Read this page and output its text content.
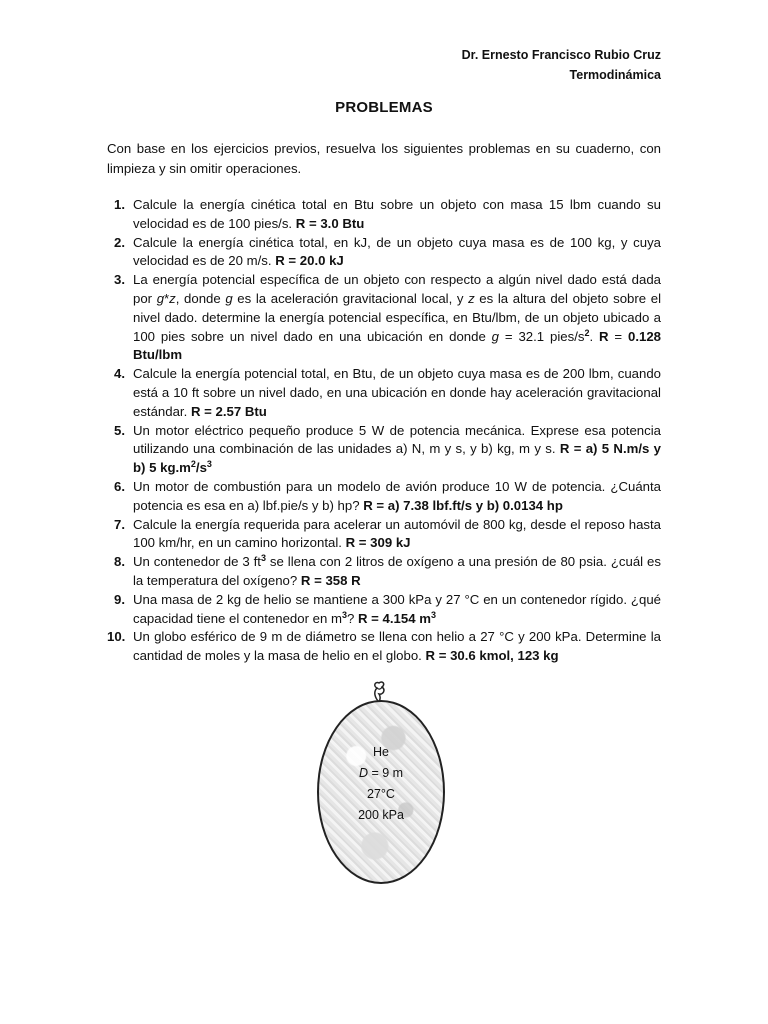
Dr. Ernesto Francisco Rubio Cruz
Termodinámica
PROBLEMAS
Con base en los ejercicios previos, resuelva los siguientes problemas en su cuaderno, con limpieza y sin omitir operaciones.
1. Calcule la energía cinética total en Btu sobre un objeto con masa 15 lbm cuando su velocidad es de 100 pies/s. R = 3.0 Btu
2. Calcule la energía cinética total, en kJ, de un objeto cuya masa es de 100 kg, y cuya velocidad es de 20 m/s. R = 20.0 kJ
3. La energía potencial específica de un objeto con respecto a algún nivel dado está dada por g*z, donde g es la aceleración gravitacional local, y z es la altura del objeto sobre el nivel dado. determine la energía potencial específica, en Btu/lbm, de un objeto ubicado a 100 pies sobre un nivel dado en una ubicación en donde g = 32.1 pies/$s^2$. R = 0.128 Btu/lbm
4. Calcule la energía potencial total, en Btu, de un objeto cuya masa es de 200 lbm, cuando está a 10 ft sobre un nivel dado, en una ubicación en donde hay aceleración gravitacional estándar. R = 2.57 Btu
5. Un motor eléctrico pequeño produce 5 W de potencia mecánica. Exprese esa potencia utilizando una combinación de las unidades a) N, m y s, y b) kg, m y s. R = a) 5 N.m/s y b) 5 $kg.m^2/s^3$
6. Un motor de combustión para un modelo de avión produce 10 W de potencia. ¿Cuánta potencia es esa en a) lbf.pie/s y b) hp? R = a) 7.38 lbf.ft/s y b) 0.0134 hp
7. Calcule la energía requerida para acelerar un automóvil de 800 kg, desde el reposo hasta 100 km/hr, en un camino horizontal. R = 309 kJ
8. Un contenedor de 3 $ft^3$ se llena con 2 litros de oxígeno a una presión de 80 psia. ¿cuál es la temperatura del oxígeno? R = 358 R
9. Una masa de 2 kg de helio se mantiene a 300 kPa y 27 °C en un contenedor rígido. ¿qué capacidad tiene el contenedor en $m^3$? R = 4.154 $m^3$
10. Un globo esférico de 9 m de diámetro se llena con helio a 27 °C y 200 kPa. Determine la cantidad de moles y la masa de helio en el globo. R = 30.6 kmol, 123 kg
He
D = 9 m
27°C
200 kPa
